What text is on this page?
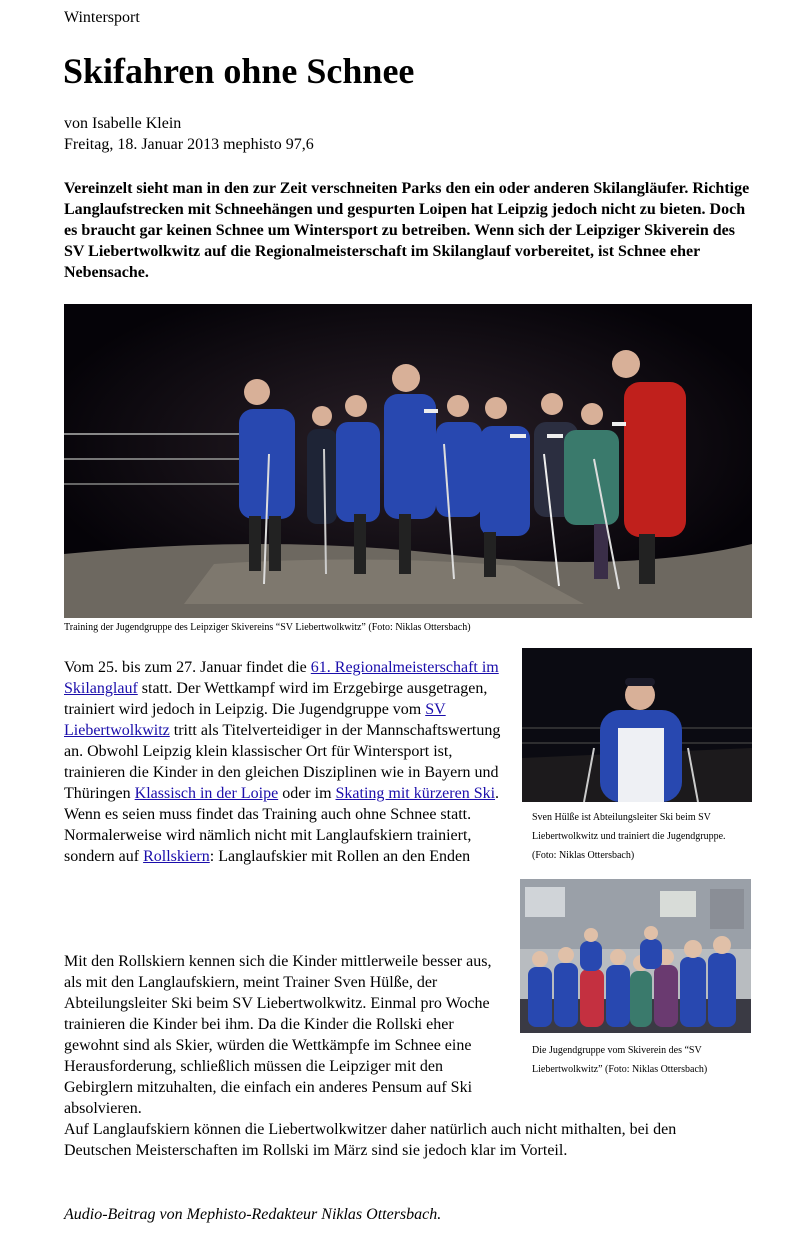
Wintersport
Skifahren ohne Schnee
von Isabelle Klein
Freitag, 18. Januar 2013 mephisto 97,6

Vereinzelt sieht man in den zur Zeit verschneiten Parks den ein oder anderen Skilangläufer. Richtige Langlaufstrecken mit Schneehängen und gespurten Loipen hat Leipzig jedoch nicht zu bieten. Doch es braucht gar keinen Schnee um Wintersport zu betreiben. Wenn sich der Leipziger Skiverein des SV Liebertwolkwitz auf die Regionalmeisterschaft im Skilanglauf vorbereitet, ist Schnee eher Nebensache.

Training der Jugendgruppe des Leipziger Skivereins “SV Liebertwolkwitz” (Foto: Niklas Ottersbach)

Sven Hülße ist Abteilungsleiter Ski beim SV Liebertwolkwitz und trainiert die Jugendgruppe. (Foto: Niklas Ottersbach)

Die Jugendgruppe vom Skiverein des “SV Liebertwolkwitz” (Foto: Niklas Ottersbach)

Vom 25. bis zum 27. Januar findet die 61. Regionalmeisterschaft im Skilanglauf statt. Der Wettkampf wird im Erzgebirge ausgetragen, trainiert wird jedoch in Leipzig. Die Jugendgruppe vom SV Liebertwolkwitz tritt als Titelverteidiger in der Mannschaftswertung an. Obwohl Leipzig klein klassischer Ort für Wintersport ist, trainieren die Kinder in den gleichen Disziplinen wie in Bayern und Thüringen Klassisch in der Loipe oder im Skating mit kürzeren Ski. Wenn es seien muss findet das Training auch ohne Schnee statt. Normalerweise wird nämlich nicht mit Langlaufskiern trainiert, sondern auf Rollskiern: Langlaufskier mit Rollen an den Enden

Mit den Rollskiern kennen sich die Kinder mittlerweile besser aus, als mit den Langlaufskiern, meint Trainer Sven Hülße, der Abteilungsleiter Ski beim SV Liebertwolkwitz. Einmal pro Woche trainieren die Kinder bei ihm. Da die Kinder die Rollski eher gewohnt sind als Skier, würden die Wettkämpfe im Schnee eine Herausforderung, schließlich müssen die Leipziger mit den Gebirglern mitzuhalten, die einfach ein anderes Pensum auf Ski absolvieren.

Auf Langlaufskiern können die Liebertwolkwitzer daher natürlich auch nicht mithalten, bei den Deutschen Meisterschaften im Rollski im März sind sie jedoch klar im Vorteil.

Audio-Beitrag von Mephisto-Redakteur Niklas Ottersbach.
